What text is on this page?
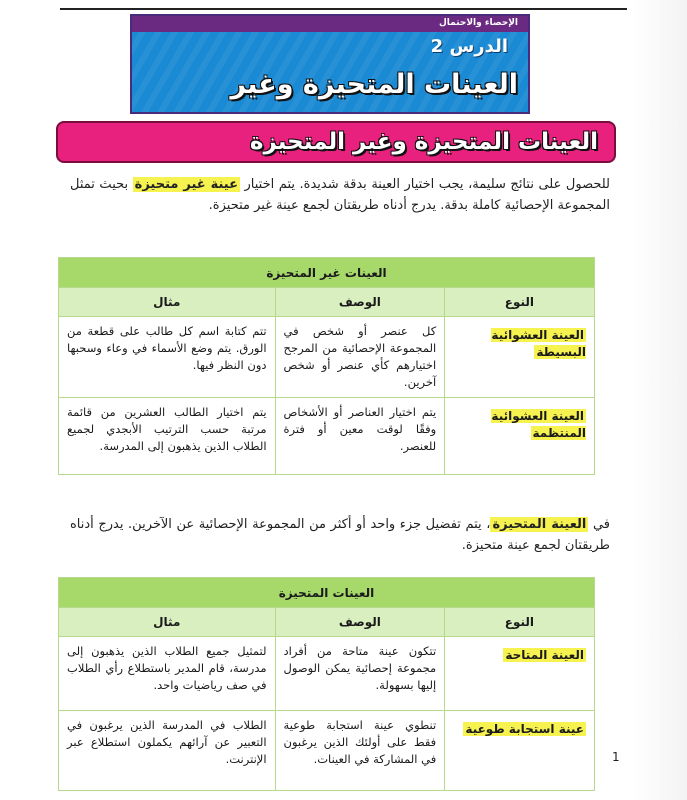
الإحصاء والاحتمال
الدرس 2
العينات المتحيزة وغير
العينات المتحيزة وغير المتحيزة

للحصول على نتائج سليمة، يجب اختيار العينة بدقة شديدة. يتم اختيار عينة غير متحيزة بحيث تمثل المجموعة الإحصائية كاملة بدقة. يدرج أدناه طريقتان لجمع عينة غير متحيزة.

العينات غير المتحيزة		
النوع	الوصف	مثال
العينة العشوائية البسيطة	كل عنصر أو شخص في المجموعة الإحصائية من المرجح اختيارهم كأي عنصر أو شخص آخرين.	تتم كتابة اسم كل طالب على قطعة من الورق. يتم وضع الأسماء في وعاء وسحبها دون النظر فيها.
العينة العشوائية المنتظمة	يتم اختيار العناصر أو الأشخاص وفقًا لوقت معين أو فترة للعنصر.	يتم اختيار الطالب العشرين من قائمة مرتبة حسب الترتيب الأبجدي لجميع الطلاب الذين يذهبون إلى المدرسة.

في العينة المتحيزة، يتم تفضيل جزء واحد أو أكثر من المجموعة الإحصائية عن الآخرين. يدرج أدناه طريقتان لجمع عينة متحيزة.

العينات المتحيزة		
النوع	الوصف	مثال
العينة المتاحة	تتكون عينة متاحة من أفراد مجموعة إحصائية يمكن الوصول إليها بسهولة.	لتمثيل جميع الطلاب الذين يذهبون إلى مدرسة، قام المدير باستطلاع رأي الطلاب في صف رياضيات واحد.
عينة استجابة طوعية	تنطوي عينة استجابة طوعية فقط على أولئك الذين يرغبون في المشاركة في العينات.	الطلاب في المدرسة الذين يرغبون في التعبير عن آرائهم يكملون استطلاع عبر الإنترنت.	1
